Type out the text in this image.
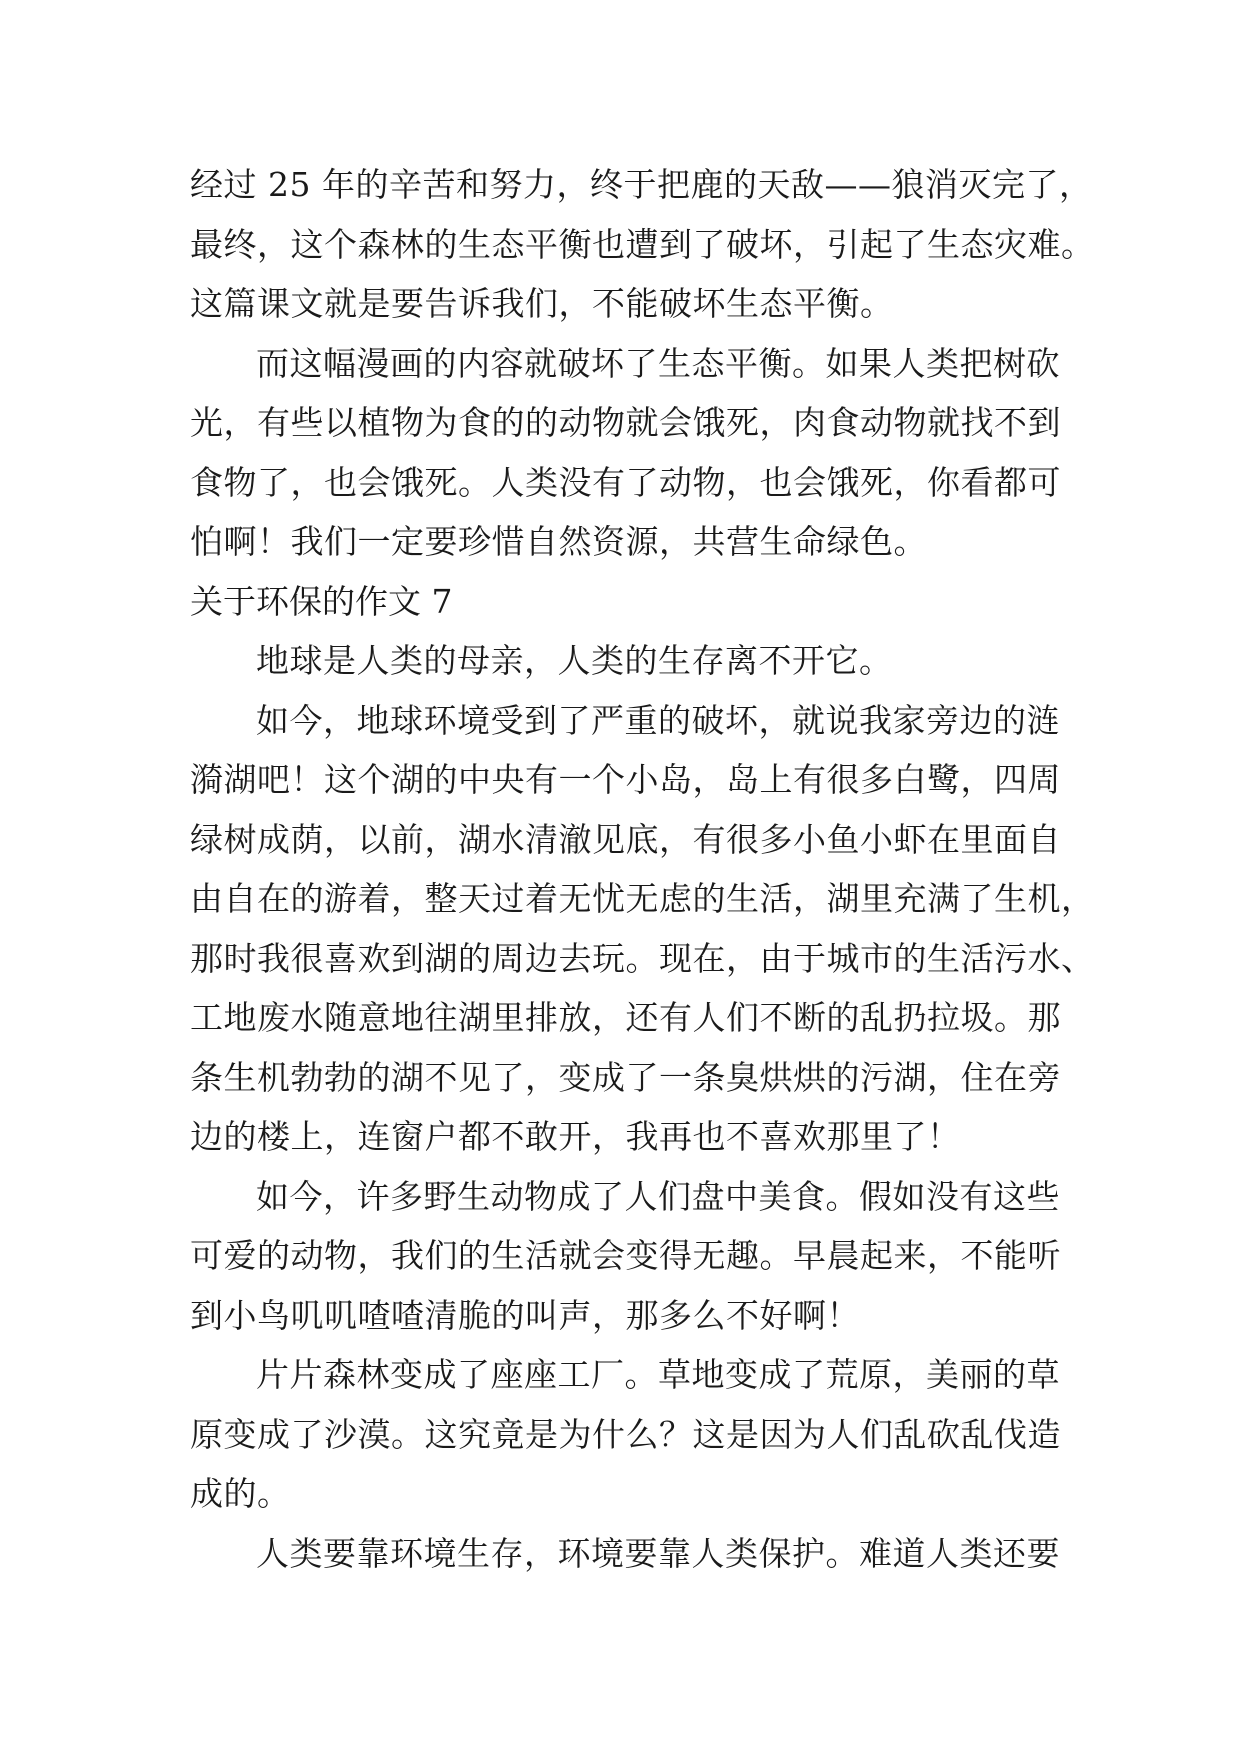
经过 25 年的辛苦和努力，终于把鹿的天敌——狼消灭完了，
最终，这个森林的生态平衡也遭到了破坏，引起了生态灾难。
这篇课文就是要告诉我们，不能破坏生态平衡。
而这幅漫画的内容就破坏了生态平衡。如果人类把树砍
光，有些以植物为食的的动物就会饿死，肉食动物就找不到
食物了，也会饿死。人类没有了动物，也会饿死，你看都可
怕啊！我们一定要珍惜自然资源，共营生命绿色。
关于环保的作文 7
地球是人类的母亲，人类的生存离不开它。
如今，地球环境受到了严重的破坏，就说我家旁边的涟
漪湖吧！这个湖的中央有一个小岛，岛上有很多白鹭，四周
绿树成荫，以前，湖水清澈见底，有很多小鱼小虾在里面自
由自在的游着，整天过着无忧无虑的生活，湖里充满了生机，
那时我很喜欢到湖的周边去玩。现在，由于城市的生活污水、
工地废水随意地往湖里排放，还有人们不断的乱扔拉圾。那
条生机勃勃的湖不见了，变成了一条臭烘烘的污湖，住在旁
边的楼上，连窗户都不敢开，我再也不喜欢那里了！
如今，许多野生动物成了人们盘中美食。假如没有这些
可爱的动物，我们的生活就会变得无趣。早晨起来，不能听
到小鸟叽叽喳喳清脆的叫声，那多么不好啊！
片片森林变成了座座工厂。草地变成了荒原，美丽的草
原变成了沙漠。这究竟是为什么？这是因为人们乱砍乱伐造
成的。
人类要靠环境生存，环境要靠人类保护。难道人类还要
